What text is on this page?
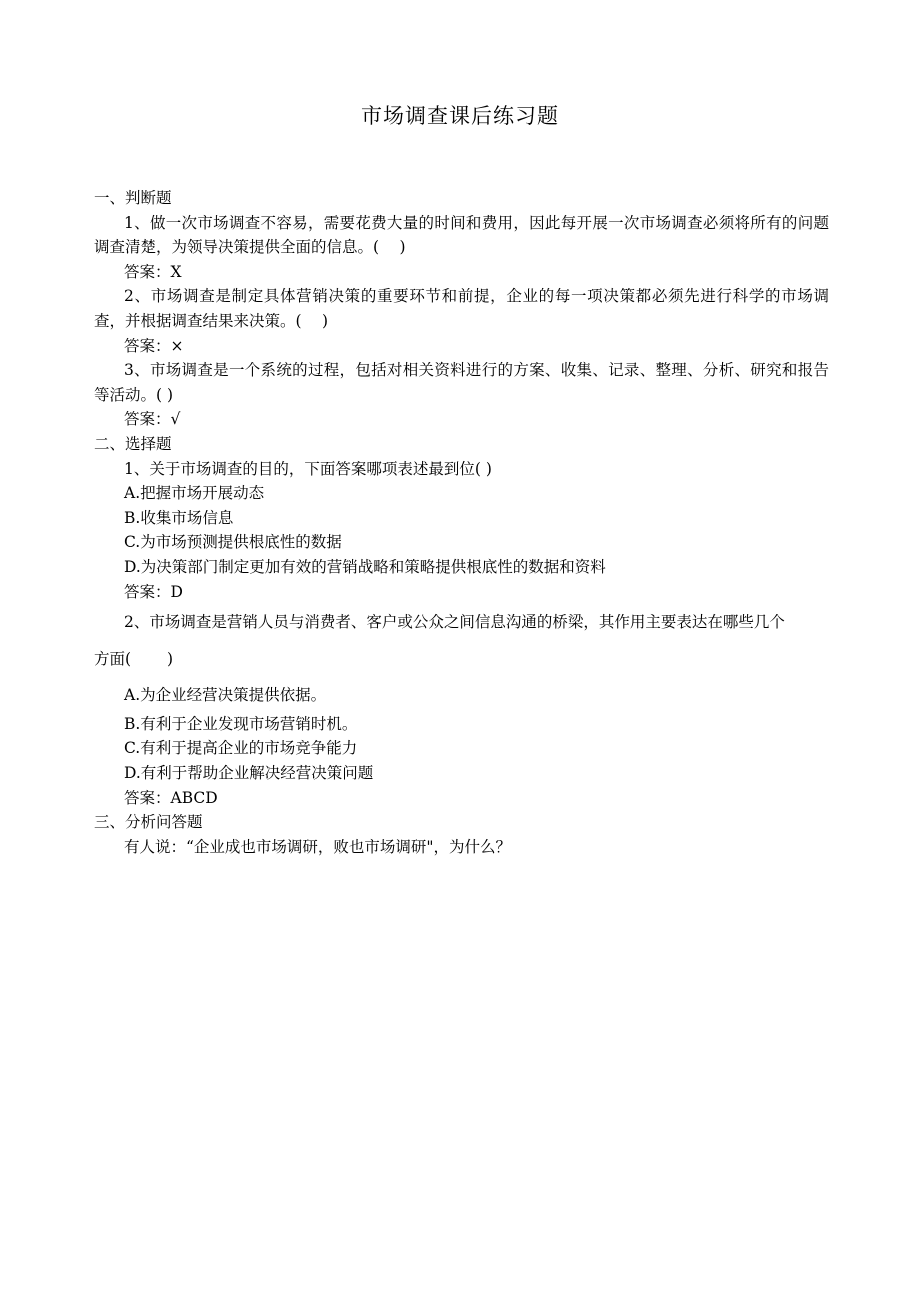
市场调查课后练习题
一、判断题
1、做一次市场调查不容易，需要花费大量的时间和费用，因此每开展一次市场调查必须将所有的问题调查清楚，为领导决策提供全面的信息。(　 )
答案：X
2、市场调查是制定具体营销决策的重要环节和前提，企业的每一项决策都必须先进行科学的市场调查，并根据调查结果来决策。(　 )
答案：×
3、市场调查是一个系统的过程，包括对相关资料进行的方案、收集、记录、整理、分析、研究和报告等活动。( )
答案：√
二、选择题
1、关于市场调查的目的，下面答案哪项表述最到位( )
A.把握市场开展动态
B.收集市场信息
C.为市场预测提供根底性的数据
D.为决策部门制定更加有效的营销战略和策略提供根底性的数据和资料
答案：D
2、市场调查是营销人员与消费者、客户或公众之间信息沟通的桥梁，其作用主要表达在哪些几个
方面(　　 )
A.为企业经营决策提供依据。
B.有利于企业发现市场营销时机。
C.有利于提高企业的市场竞争能力
D.有利于帮助企业解决经营决策问题
答案：ABCD
三、分析问答题
有人说：“企业成也市场调研，败也市场调研"，为什么？
